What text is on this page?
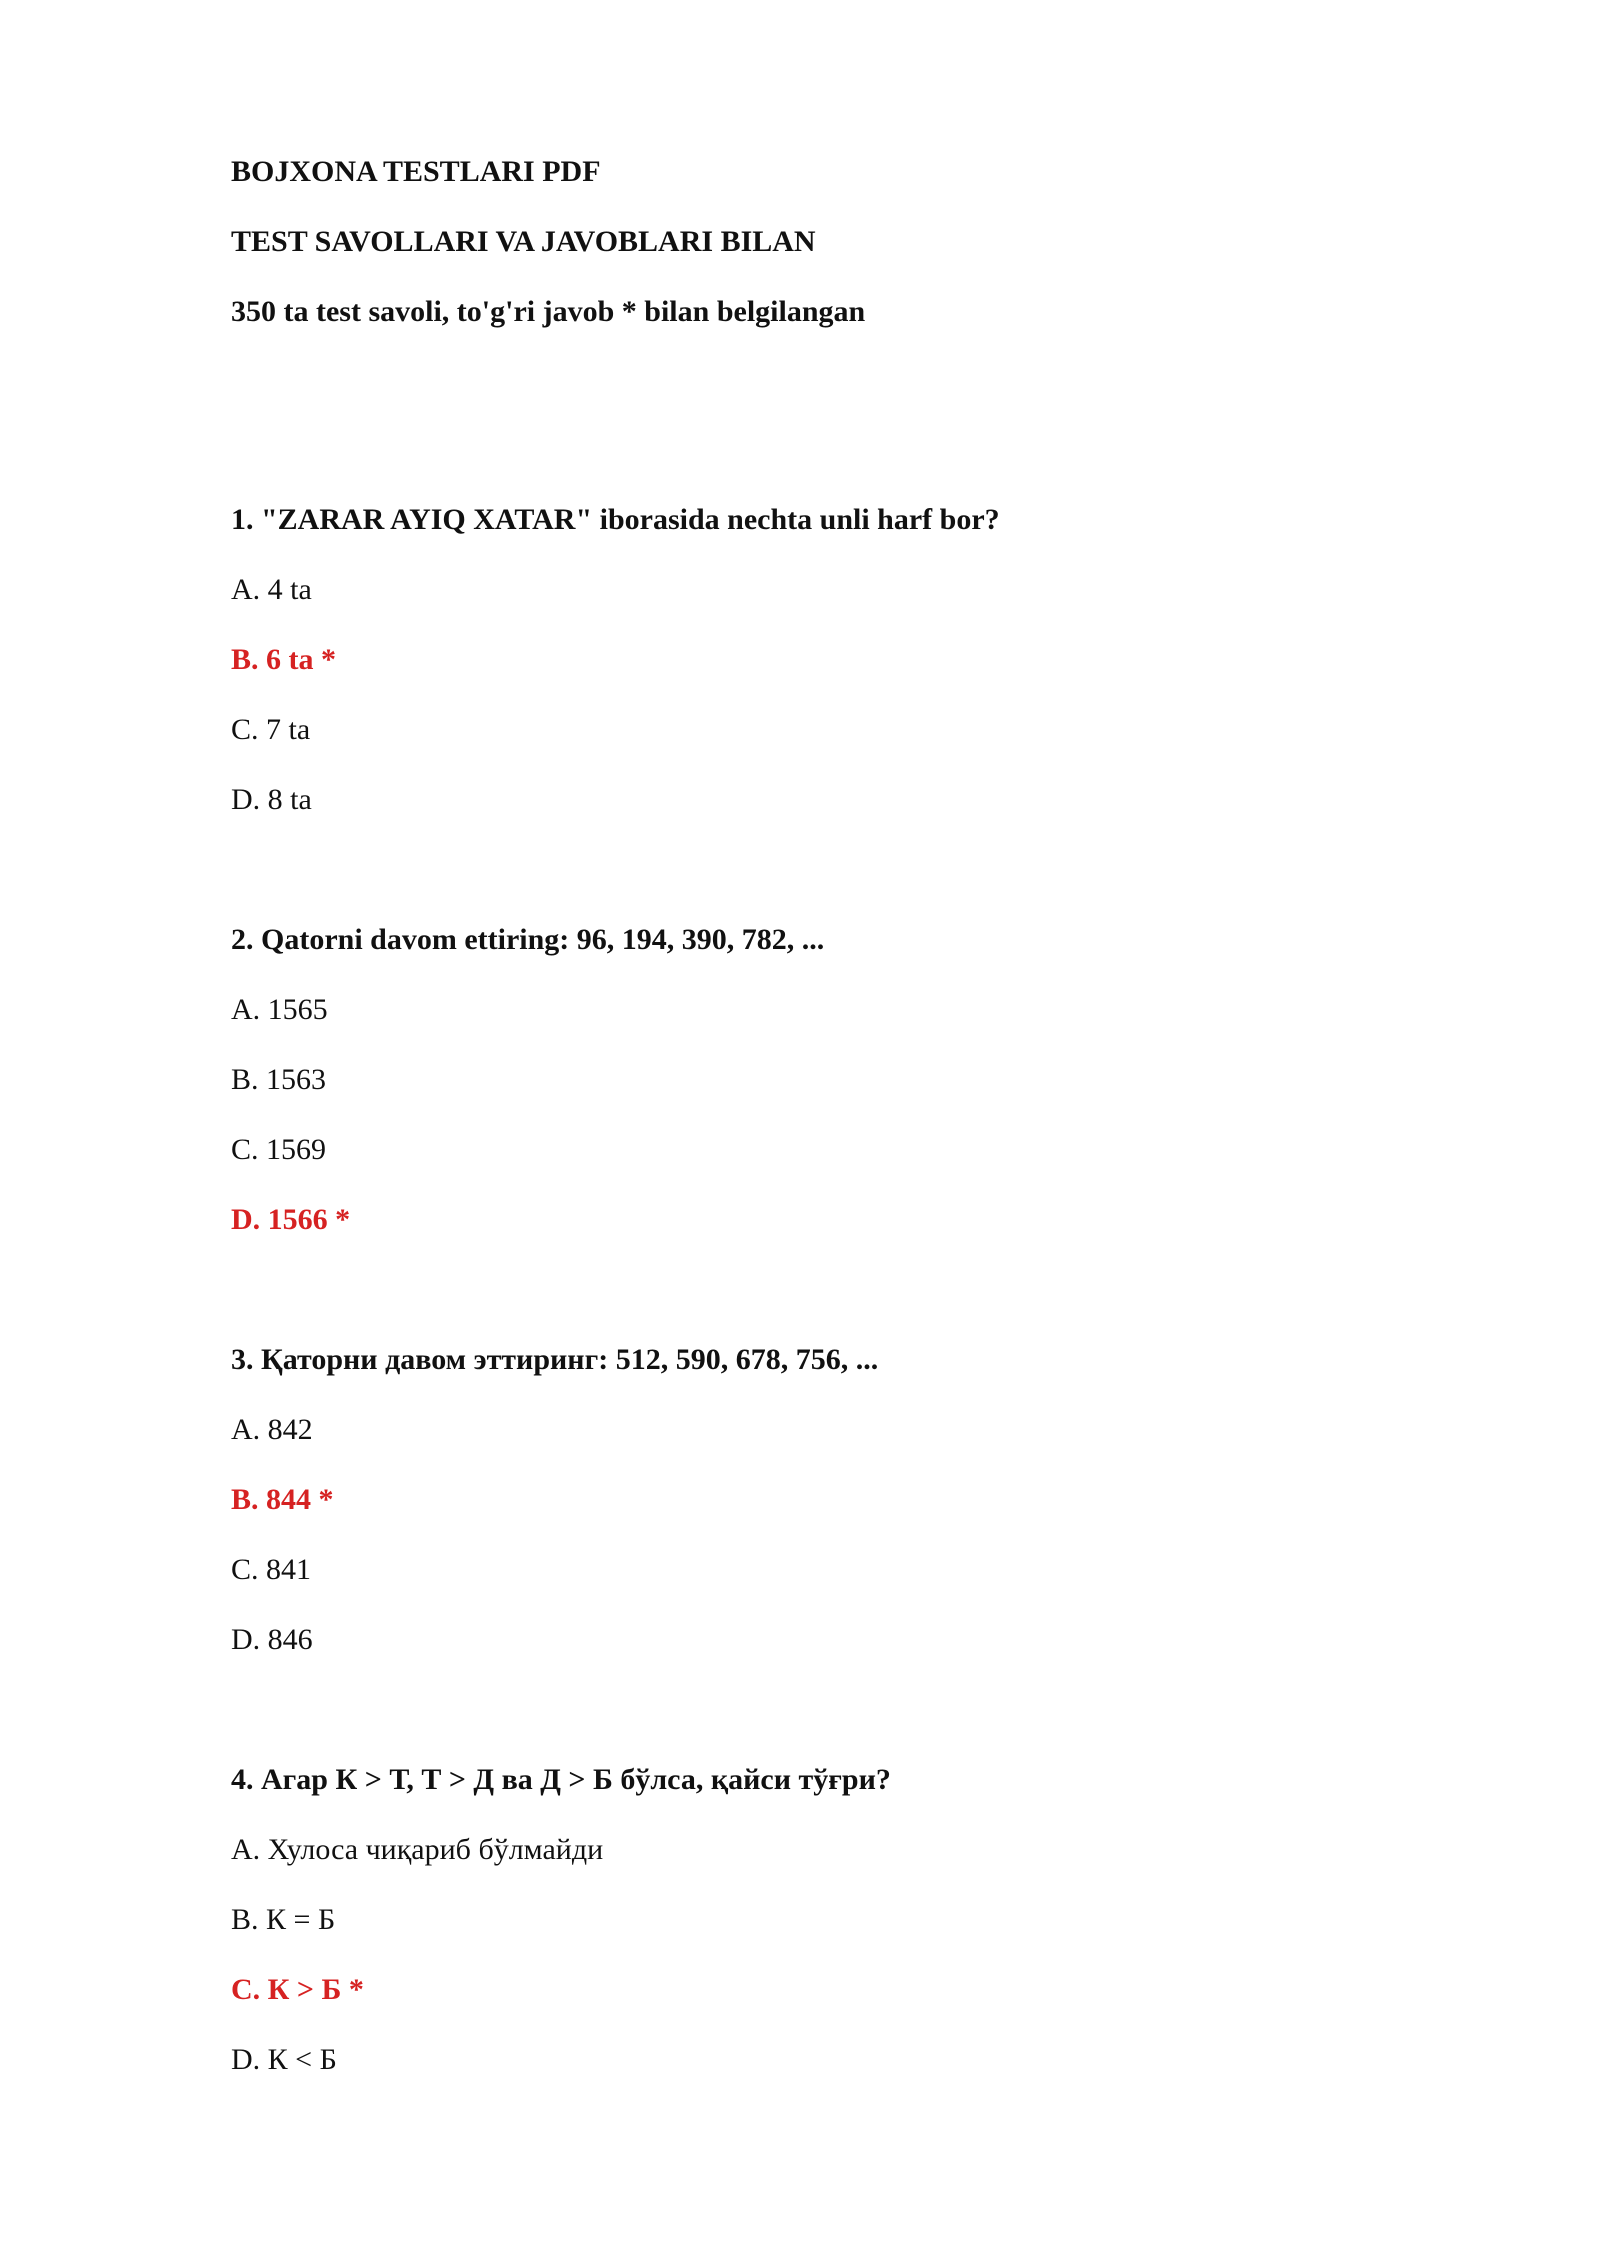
BOJXONA TESTLARI PDF
TEST SAVOLLARI VA JAVOBLARI BILAN
350 ta test savoli, to'g'ri javob * bilan belgilangan
1. "ZARAR AYIQ XATAR" iborasida nechta unli harf bor?
A. 4 ta
B. 6 ta *
C. 7 ta
D. 8 ta
2. Qatorni davom ettiring: 96, 194, 390, 782, ...
A. 1565
B. 1563
C. 1569
D. 1566 *
3. Қаторни давом эттиринг: 512, 590, 678, 756, ...
A. 842
B. 844 *
C. 841
D. 846
4. Агар К > Т, Т > Д ва Д > Б бўлса, қайси тўғри?
A. Хулоса чиқариб бўлмайди
B. К = Б
C. К > Б *
D. К < Б
